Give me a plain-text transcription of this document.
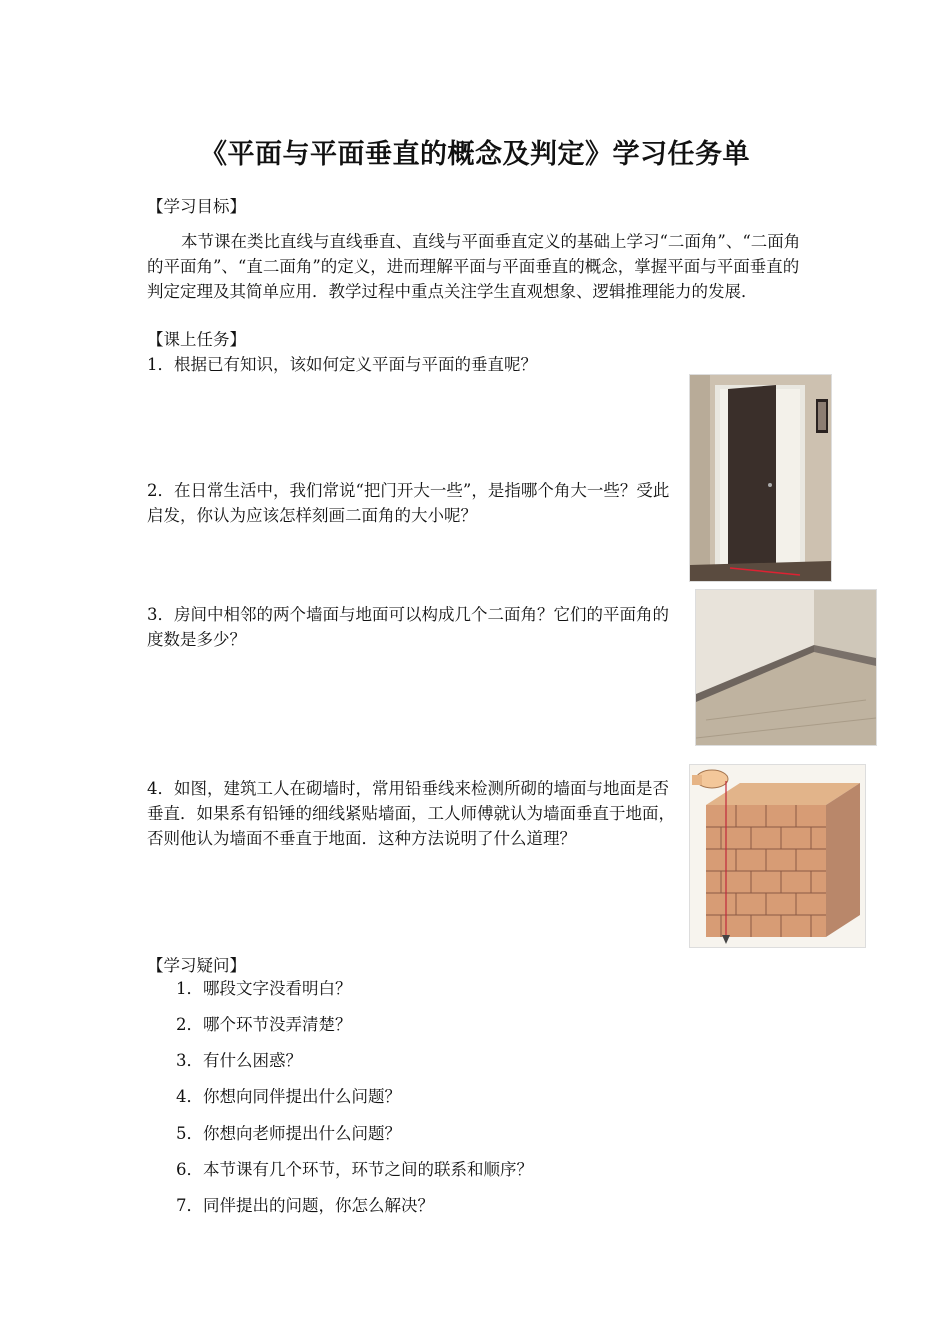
《平面与平面垂直的概念及判定》学习任务单
【学习目标】
本节课在类比直线与直线垂直、直线与平面垂直定义的基础上学习“二面角”、“二面角的平面角”、“直二面角”的定义，进而理解平面与平面垂直的概念，掌握平面与平面垂直的判定定理及其简单应用．教学过程中重点关注学生直观想象、逻辑推理能力的发展．
【课上任务】
1．根据已有知识，该如何定义平面与平面的垂直呢？
2．在日常生活中，我们常说“把门开大一些”，是指哪个角大一些？受此启发，你认为应该怎样刻画二面角的大小呢？
3．房间中相邻的两个墙面与地面可以构成几个二面角？它们的平面角的度数是多少？
4．如图，建筑工人在砌墙时，常用铅垂线来检测所砌的墙面与地面是否垂直．如果系有铅锤的细线紧贴墙面，工人师傅就认为墙面垂直于地面，否则他认为墙面不垂直于地面．这种方法说明了什么道理？
【学习疑问】
1．哪段文字没看明白？
2．哪个环节没弄清楚？
3．有什么困惑？
4．你想向同伴提出什么问题？
5．你想向老师提出什么问题？
6．本节课有几个环节，环节之间的联系和顺序？
7．同伴提出的问题，你怎么解决？
